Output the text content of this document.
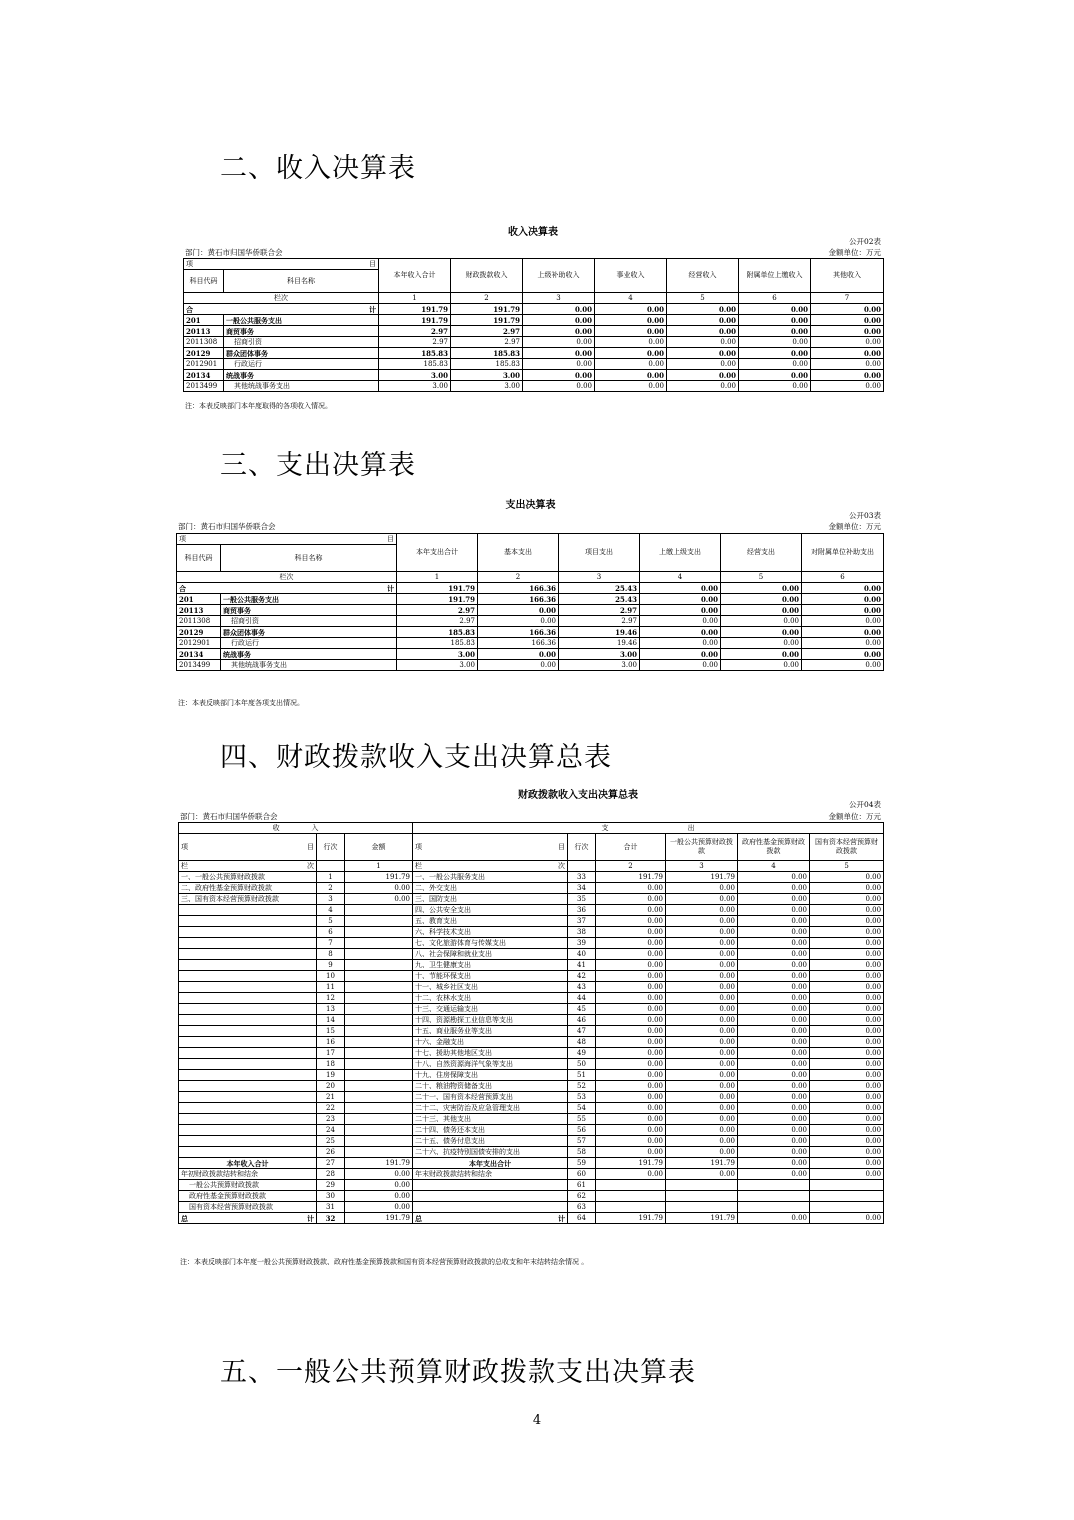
二、收入决算表
收入决算表
公开02表
部门：黄石市归国华侨联合会	金额单位：万元
项 目		本年收入合计	财政拨款收入	上级补助收入	事业收入	经营收入	附属单位上缴收入	其他收入
科目代码	科目名称							
栏次		1	2	3	4	5	6	7

合 计		191.79	191.79	0.00	0.00	0.00	0.00	0.00
201	一般公共服务支出	191.79	191.79	0.00	0.00	0.00	0.00	0.00
20113	商贸事务	2.97	2.97	0.00	0.00	0.00	0.00	0.00
2011308	招商引资	2.97	2.97	0.00	0.00	0.00	0.00	0.00
20129	群众团体事务	185.83	185.83	0.00	0.00	0.00	0.00	0.00
2012901	行政运行	185.83	185.83	0.00	0.00	0.00	0.00	0.00
20134	统战事务	3.00	3.00	0.00	0.00	0.00	0.00	0.00
2013499	其他统战事务支出	3.00	3.00	0.00	0.00	0.00	0.00	0.00
注：本表反映部门本年度取得的各项收入情况。
三、支出决算表
支出决算表
公开03表
部门：黄石市归国华侨联合会	金额单位：万元
项 目		本年支出合计	基本支出	项目支出	上缴上级支出	经营支出	对附属单位补助支出
科目代码	科目名称						
栏次		1	2	3	4	5	6

合 计		191.79	166.36	25.43	0.00	0.00	0.00
201	一般公共服务支出	191.79	166.36	25.43	0.00	0.00	0.00
20113	商贸事务	2.97	0.00	2.97	0.00	0.00	0.00
2011308	招商引资	2.97	0.00	2.97	0.00	0.00	0.00
20129	群众团体事务	185.83	166.36	19.46	0.00	0.00	0.00
2012901	行政运行	185.83	166.36	19.46	0.00	0.00	0.00
20134	统战事务	3.00	0.00	3.00	0.00	0.00	0.00
2013499	其他统战事务支出	3.00	0.00	3.00	0.00	0.00	0.00
注：本表反映部门本年度各项支出情况。
四、财政拨款收入支出决算总表
财政拨款收入支出决算总表
公开04表
部门：黄石市归国华侨联合会	金额单位：万元
收 入			支 出					

项 目	行次	金额	项 目	行次	合计	一般公共预算财政拨款	政府性基金预算财政拨款	国有资本经营预算财政拨款

栏 次		1	栏 次		2	3	4	5
一、一般公共预算财政拨款	1	191.79	一、一般公共服务支出	33	191.79	191.79	0.00	0.00
二、政府性基金预算财政拨款	2	0.00	二、外交支出	34	0.00	0.00	0.00	0.00
三、国有资本经营预算财政拨款	3	0.00	三、国防支出	35	0.00	0.00	0.00	0.00
	4		四、公共安全支出	36	0.00	0.00	0.00	0.00
	5		五、教育支出	37	0.00	0.00	0.00	0.00
	6		六、科学技术支出	38	0.00	0.00	0.00	0.00
	7		七、文化旅游体育与传媒支出	39	0.00	0.00	0.00	0.00
	8		八、社会保障和就业支出	40	0.00	0.00	0.00	0.00
	9		九、卫生健康支出	41	0.00	0.00	0.00	0.00
	10		十、节能环保支出	42	0.00	0.00	0.00	0.00
	11		十一、城乡社区支出	43	0.00	0.00	0.00	0.00
	12		十二、农林水支出	44	0.00	0.00	0.00	0.00
	13		十三、交通运输支出	45	0.00	0.00	0.00	0.00
	14		十四、资源勘探工业信息等支出	46	0.00	0.00	0.00	0.00
	15		十五、商业服务业等支出	47	0.00	0.00	0.00	0.00
	16		十六、金融支出	48	0.00	0.00	0.00	0.00
	17		十七、援助其他地区支出	49	0.00	0.00	0.00	0.00
	18		十八、自然资源海洋气象等支出	50	0.00	0.00	0.00	0.00
	19		十九、住房保障支出	51	0.00	0.00	0.00	0.00
	20		二十、粮油物资储备支出	52	0.00	0.00	0.00	0.00
	21		二十一、国有资本经营预算支出	53	0.00	0.00	0.00	0.00
	22		二十二、灾害防治及应急管理支出	54	0.00	0.00	0.00	0.00
	23		二十三、其他支出	55	0.00	0.00	0.00	0.00
	24		二十四、债务还本支出	56	0.00	0.00	0.00	0.00
	25		二十五、债务付息支出	57	0.00	0.00	0.00	0.00
	26		二十六、抗疫特别国债安排的支出	58	0.00	0.00	0.00	0.00
本年收入合计	27	191.79	本年支出合计	59	191.79	191.79	0.00	0.00
年初财政拨款结转和结余	28	0.00	年末财政拨款结转和结余	60	0.00	0.00	0.00	0.00
一般公共预算财政拨款	29	0.00		61				
政府性基金预算财政拨款	30	0.00		62				
国有资本经营预算财政拨款	31	0.00		63				

总 计	32	191.79	总 计	64	191.79	191.79	0.00	0.00
注：本表反映部门本年度一般公共预算财政拨款、政府性基金预算拨款和国有资本经营预算财政拨款的总收支和年末结转结余情况 。
五、一般公共预算财政拨款支出决算表
4
